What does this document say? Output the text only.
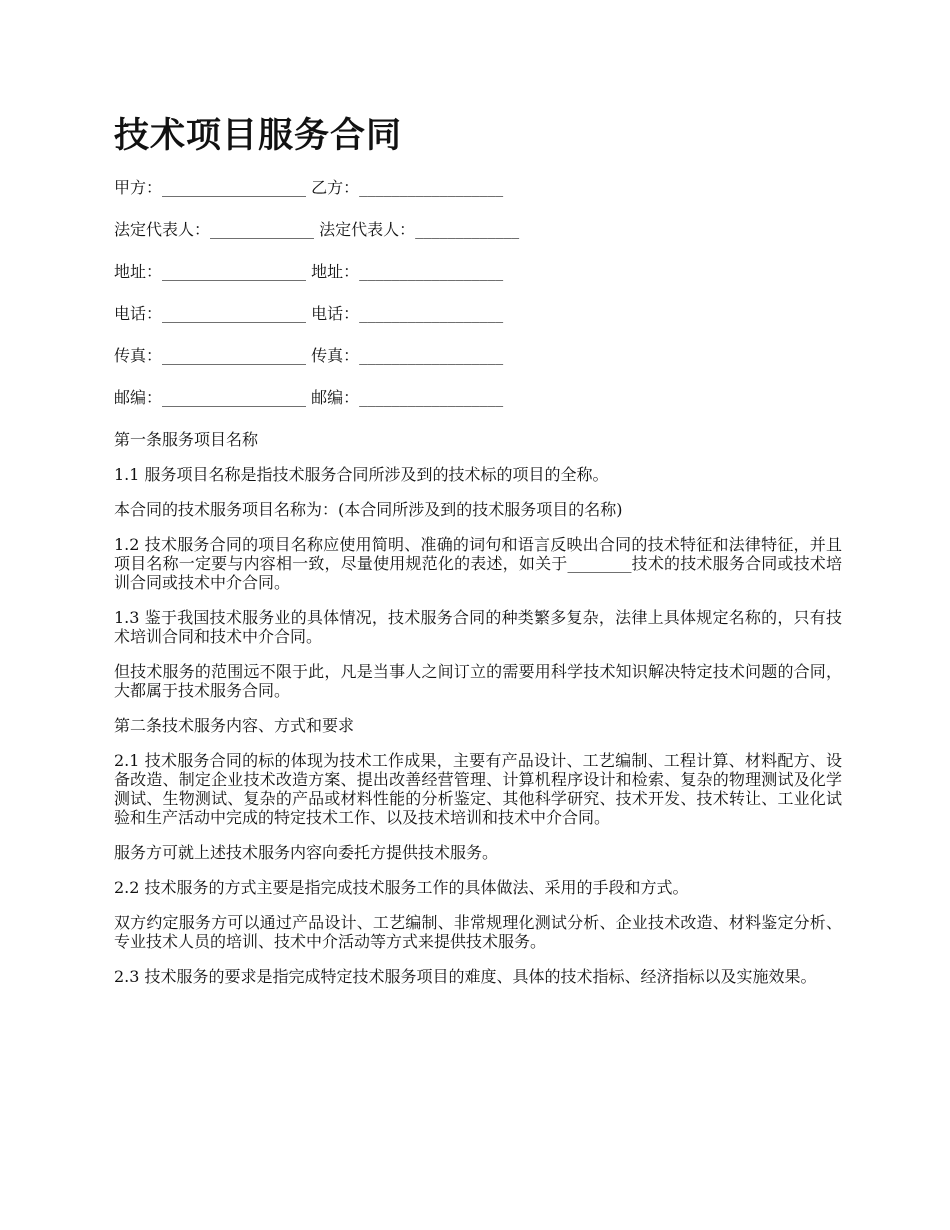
技术项目服务合同
甲方：__________________ 乙方：__________________
法定代表人：_____________ 法定代表人：_____________
地址：__________________ 地址：__________________
电话：__________________ 电话：__________________
传真：__________________ 传真：__________________
邮编：__________________ 邮编：__________________

第一条服务项目名称

1.1 服务项目名称是指技术服务合同所涉及到的技术标的项目的全称。

本合同的技术服务项目名称为：(本合同所涉及到的技术服务项目的名称)

1.2 技术服务合同的项目名称应使用简明、准确的词句和语言反映出合同的技术特征和法律特征，并且项目名称一定要与内容相一致，尽量使用规范化的表述，如关于________技术的技术服务合同或技术培训合同或技术中介合同。

1.3 鉴于我国技术服务业的具体情况，技术服务合同的种类繁多复杂，法律上具体规定名称的，只有技术培训合同和技术中介合同。

但技术服务的范围远不限于此，凡是当事人之间订立的需要用科学技术知识解决特定技术问题的合同，大都属于技术服务合同。

第二条技术服务内容、方式和要求

2.1 技术服务合同的标的体现为技术工作成果，主要有产品设计、工艺编制、工程计算、材料配方、设备改造、制定企业技术改造方案、提出改善经营管理、计算机程序设计和检索、复杂的物理测试及化学测试、生物测试、复杂的产品或材料性能的分析鉴定、其他科学研究、技术开发、技术转让、工业化试验和生产活动中完成的特定技术工作、以及技术培训和技术中介合同。

服务方可就上述技术服务内容向委托方提供技术服务。

2.2 技术服务的方式主要是指完成技术服务工作的具体做法、采用的手段和方式。

双方约定服务方可以通过产品设计、工艺编制、非常规理化测试分析、企业技术改造、材料鉴定分析、专业技术人员的培训、技术中介活动等方式来提供技术服务。

2.3 技术服务的要求是指完成特定技术服务项目的难度、具体的技术指标、经济指标以及实施效果。
